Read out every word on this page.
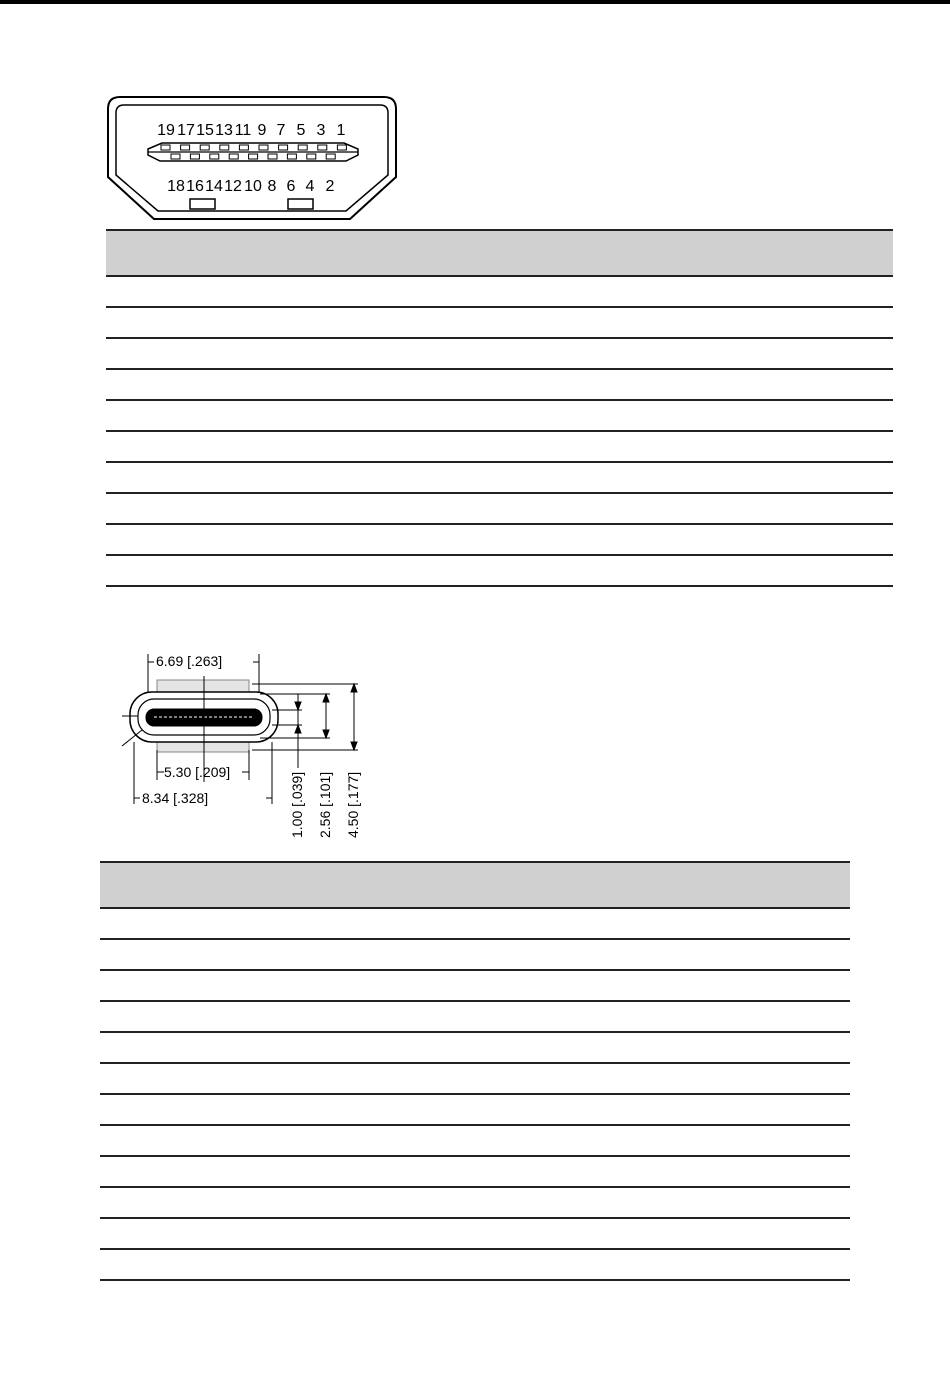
19 17 15 13 11 9 7 5 3 1
18 16 14 12 10 8 6 4 2

6.69 [.263]
5.30 [.209]
8.34 [.328]	1.00 [.039] 2.56 [.101] 4.50 [.177]
